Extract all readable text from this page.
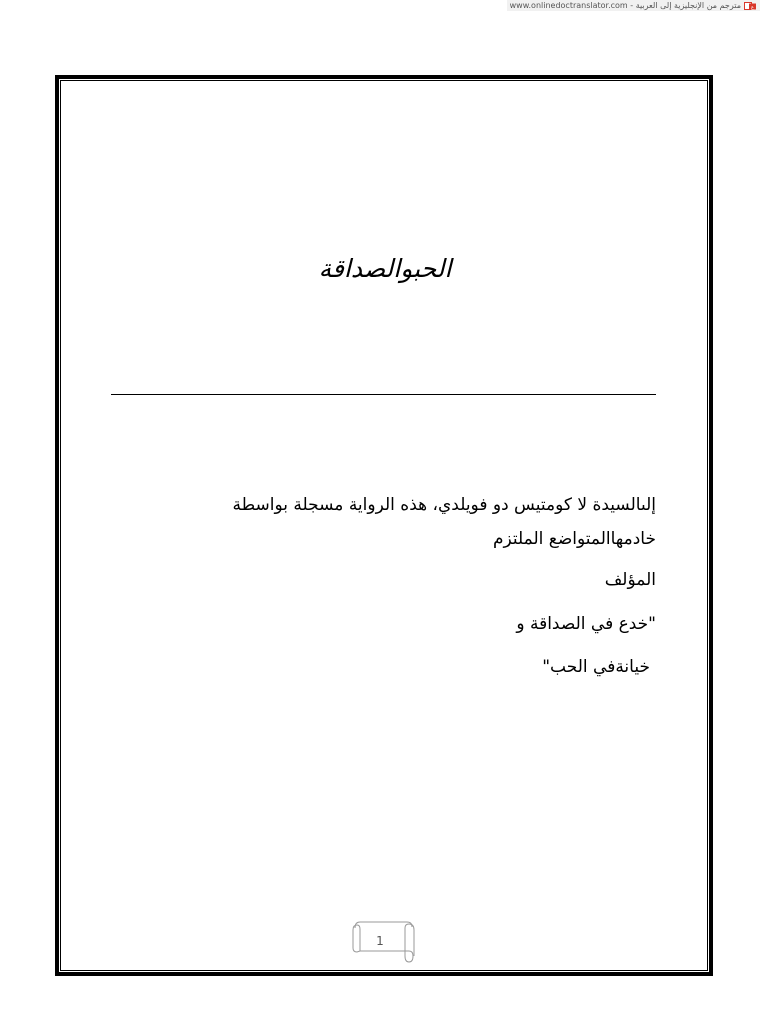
www.onlinedoctranslator.com - مترجم من الإنجليزية إلى العربية ع
الحبوالصداقة

إلىالسيدة لا كومتيس دو فويلدي، هذه الرواية مسجلة بواسطة خادمهاالمتواضع الملتزم

المؤلف

"خدع في الصداقة و

خيانةفي الحب"

1
